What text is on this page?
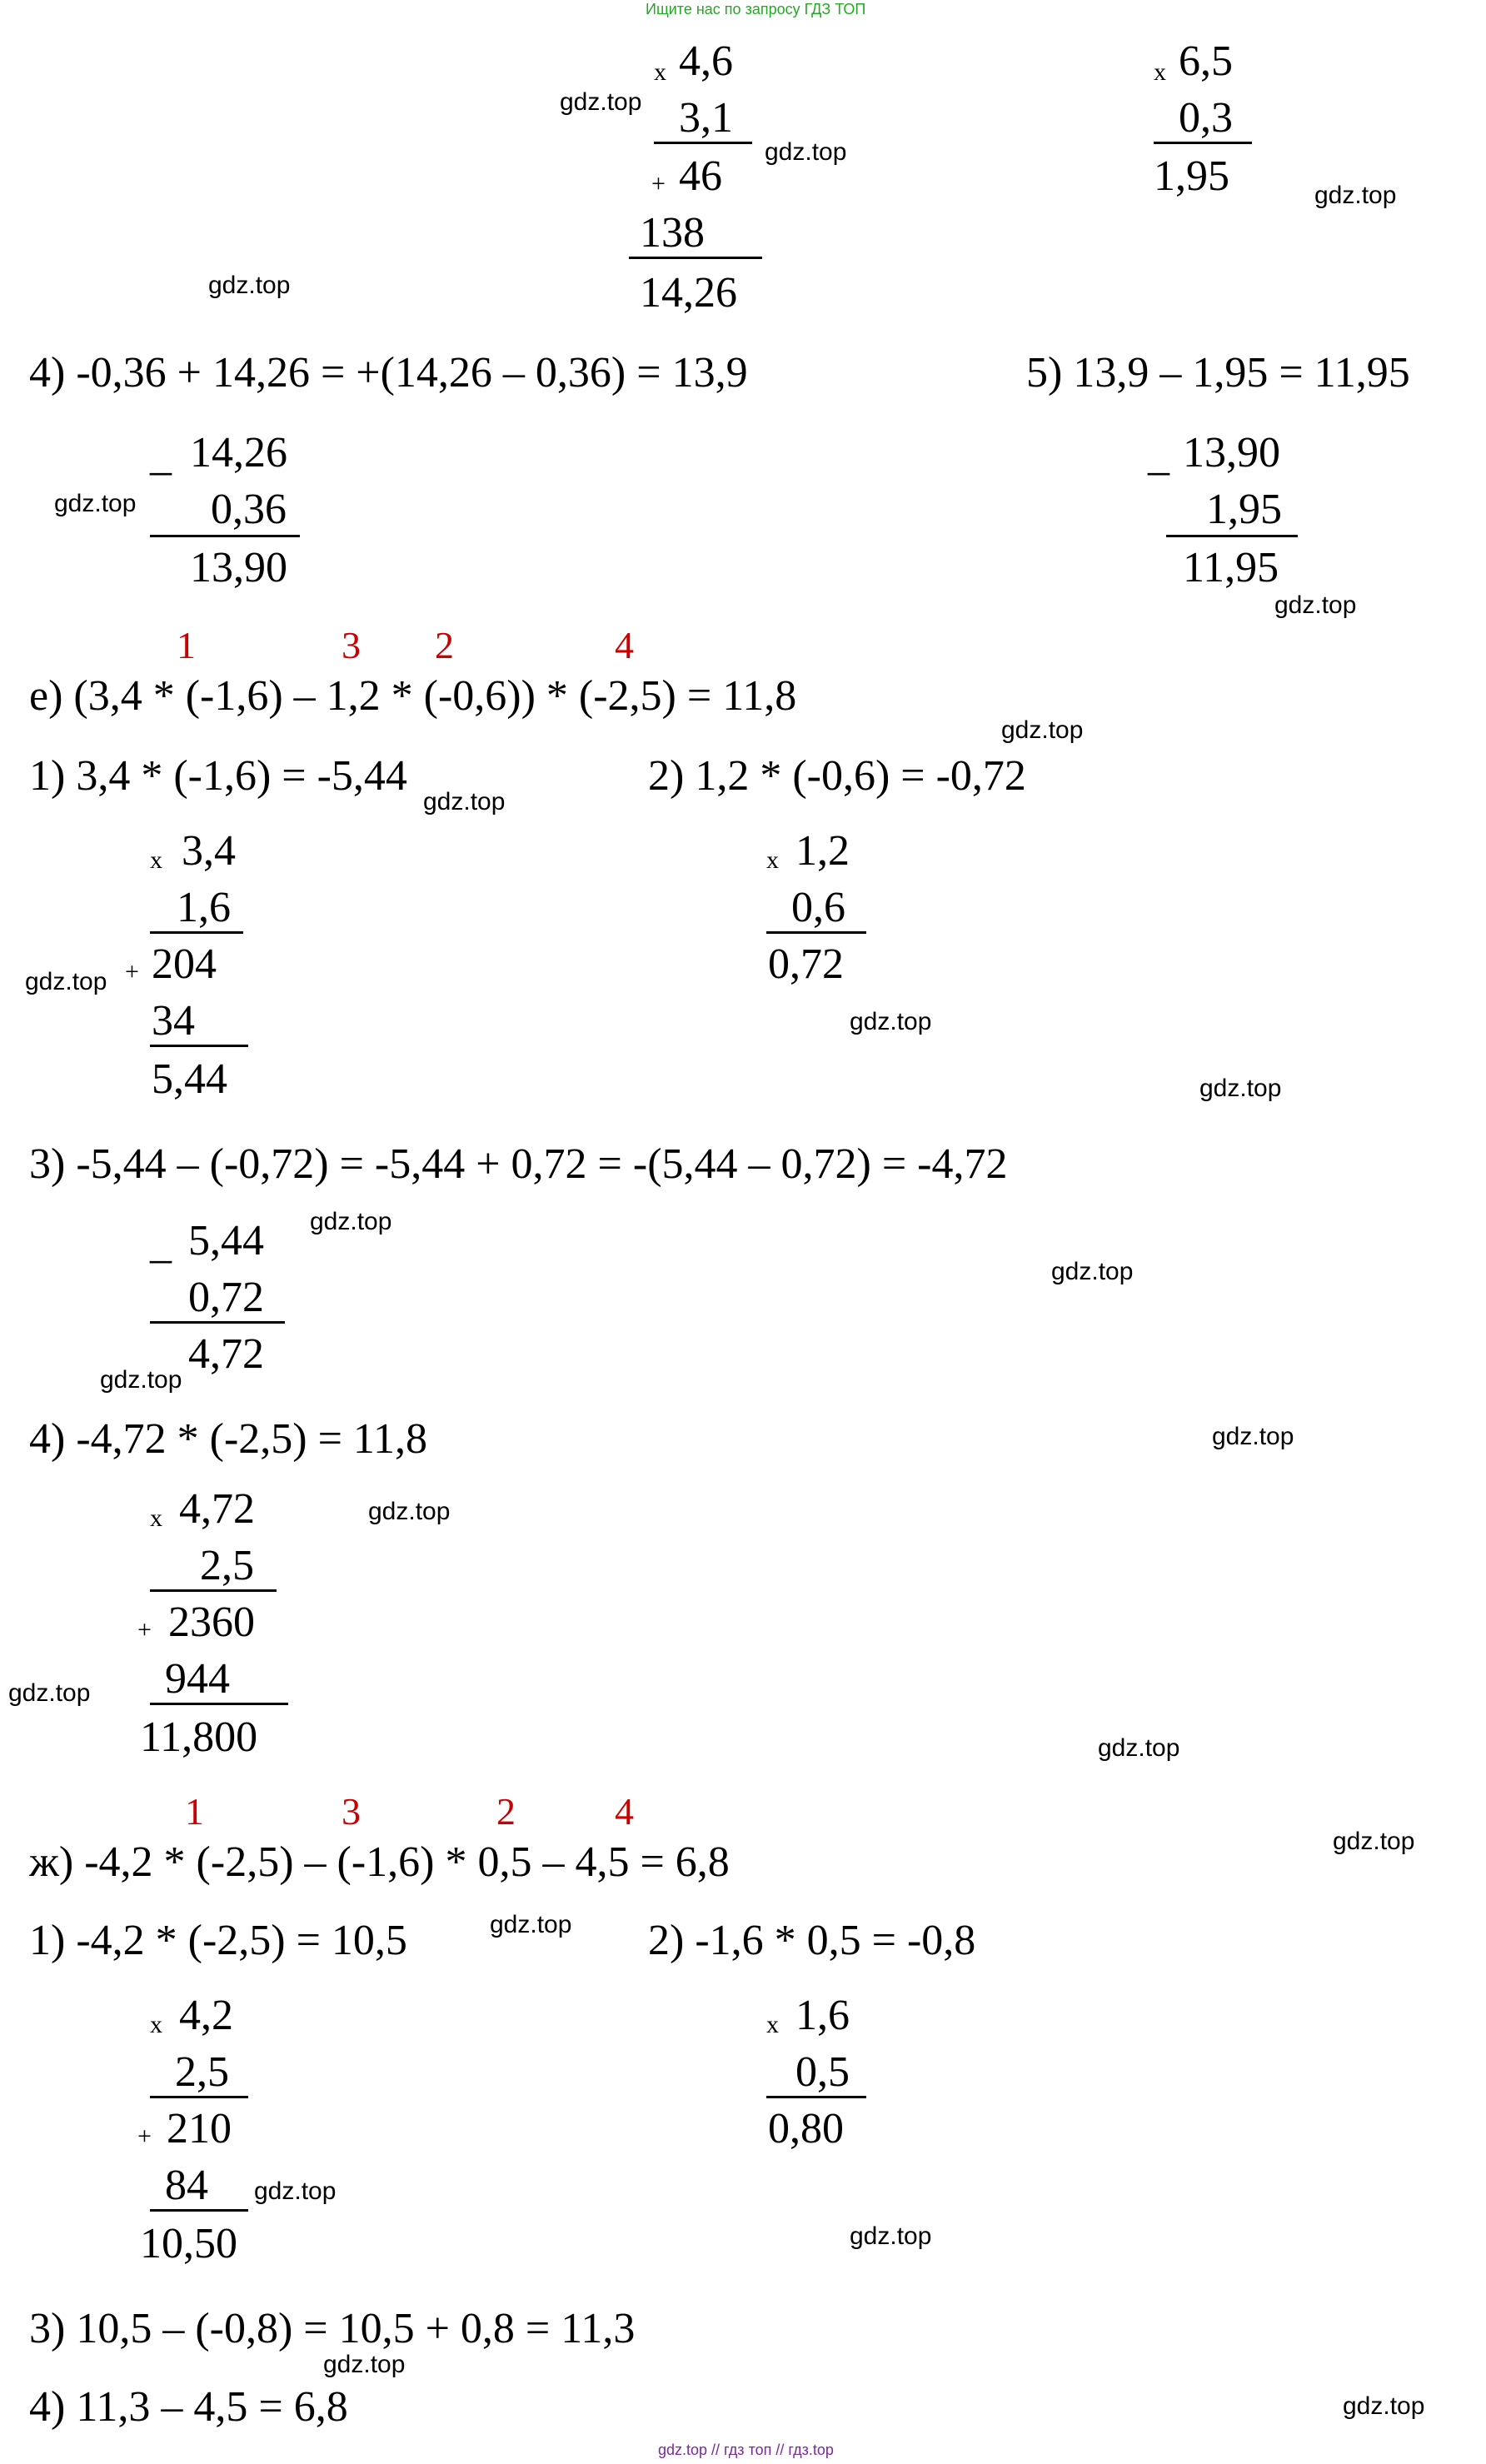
Ищите нас по запросу ГДЗ ТОП
gdz.top // гдз топ // гдз.top
x 4,6
3,1
+ 46
138
14,26
x 6,5
0,3
1,95
4) -0,36 + 14,26 = +(14,26 – 0,36) = 13,9	5) 13,9 – 1,95 = 11,95
_ 14,26
0,36
13,90
_ 13,90
1,95
11,95
1	3 2	4
е) (3,4 * (-1,6) – 1,2 * (-0,6)) * (-2,5) = 11,8
1) 3,4 * (-1,6) = -5,44	2) 1,2 * (-0,6) = -0,72
x 3,4
1,6
+ 204
34
5,44
x 1,2
0,6
0,72
3) -5,44 – (-0,72) = -5,44 + 0,72 = -(5,44 – 0,72) = -4,72
_ 5,44
0,72
4,72
4) -4,72 * (-2,5) = 11,8
x 4,72
2,5
+ 2360
944
11,800
1	3	2	4
ж) -4,2 * (-2,5) – (-1,6) * 0,5 – 4,5 = 6,8
1) -4,2 * (-2,5) = 10,5	2) -1,6 * 0,5 = -0,8
x 4,2
2,5
+ 210
84
10,50
x 1,6
0,5
0,80
3) 10,5 – (-0,8) = 10,5 + 0,8 = 11,3
4) 11,3 – 4,5 = 6,8
gdz.top
gdz.top
gdz.top
gdz.top
gdz.top
gdz.top
gdz.top
gdz.top
gdz.top
gdz.top
gdz.top
gdz.top
gdz.top
gdz.top
gdz.top
gdz.top
gdz.top
gdz.top
gdz.top
gdz.top
gdz.top
gdz.top
gdz.top
gdz.top
